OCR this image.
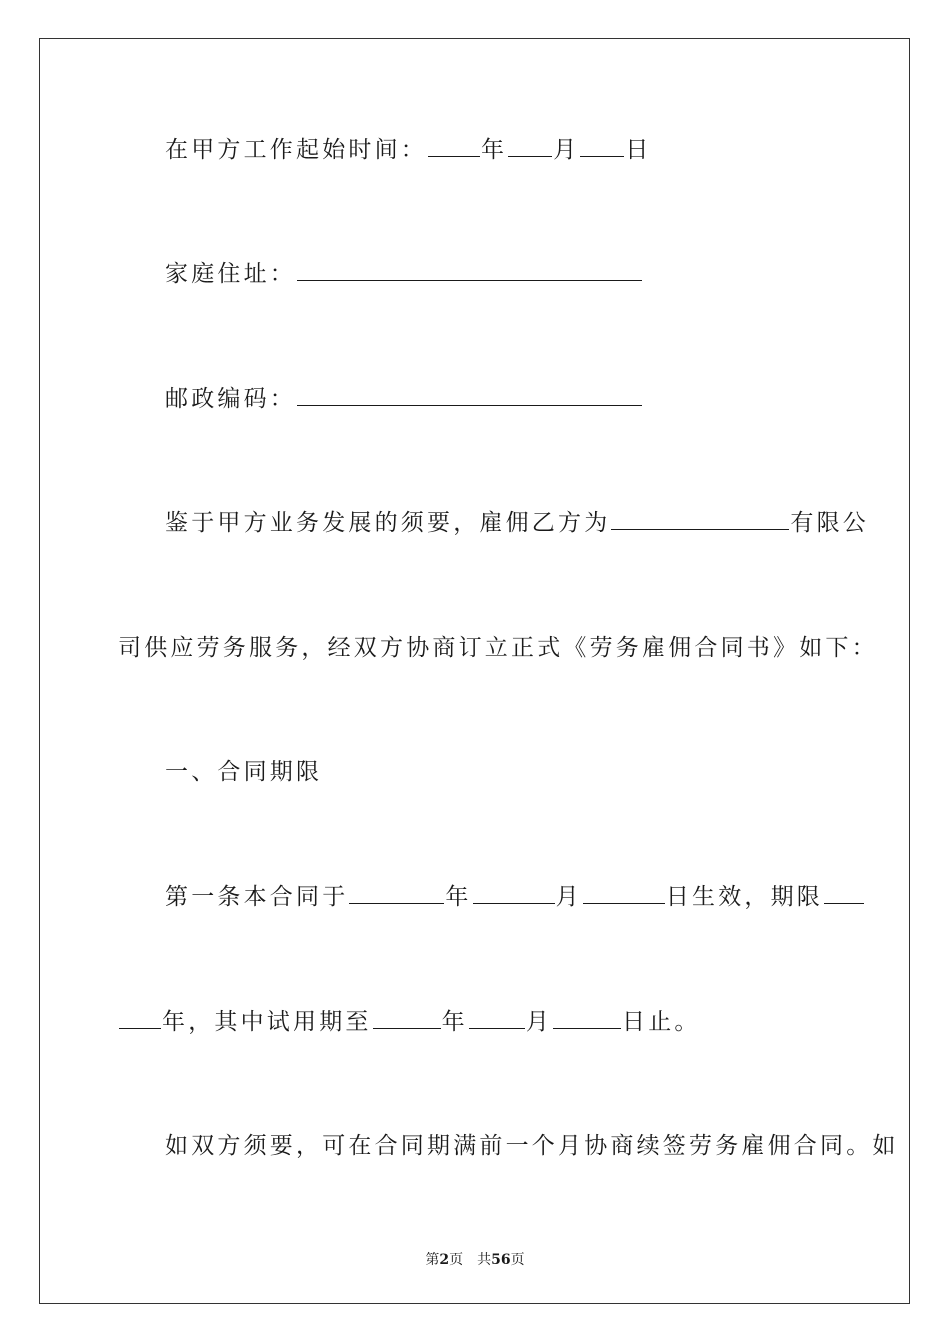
在甲方工作起始时间： 年 月 日
家庭住址：
邮政编码：
鉴于甲方业务发展的须要，雇佣乙方为	有限公
司供应劳务服务，经双方协商订立正式《劳务雇佣合同书》如下：
一、合同期限
第一条本合同于	年	月	日生效，期限
年，其中试用期至	年	月	日止。
如双方须要，可在合同期满前一个月协商续签劳务雇佣合同。如
第2页　共56页
